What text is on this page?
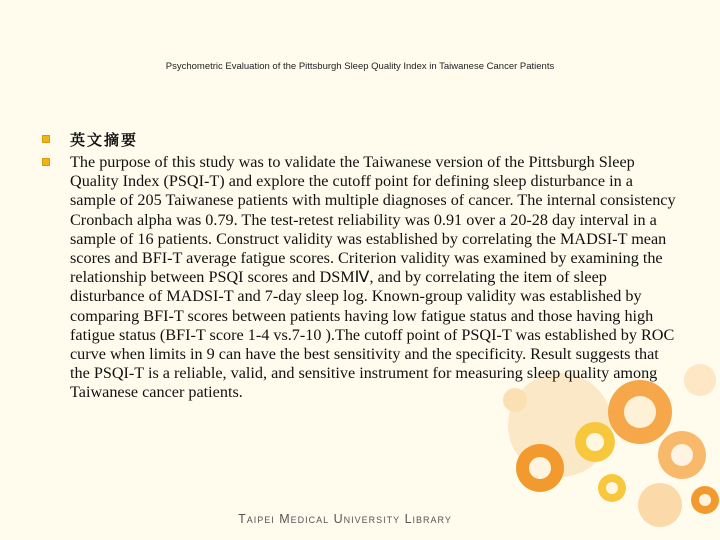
Psychometric Evaluation of the Pittsburgh Sleep Quality Index in Taiwanese Cancer Patients
英文摘要
The purpose of this study was to validate the Taiwanese version of the Pittsburgh Sleep Quality Index (PSQI-T) and explore the cutoff point for defining sleep disturbance in a sample of 205 Taiwanese patients with multiple diagnoses of cancer. The internal consistency Cronbach alpha was 0.79. The test-retest reliability was 0.91 over a 20-28 day interval in a sample of 16 patients. Construct validity was established by correlating the MADSI-T mean scores and BFI-T average fatigue scores. Criterion validity was examined by examining the relationship between PSQI scores and DSMⅣ, and by correlating the item of sleep disturbance of MADSI-T and 7-day sleep log. Known-group validity was established by comparing BFI-T scores between patients having low fatigue status and those having high fatigue status (BFI-T score 1-4 vs.7-10 ).The cutoff point of PSQI-T was established by ROC curve when limits in 9 can have the best sensitivity and the specificity. Result suggests that the PSQI-T is a reliable, valid, and sensitive instrument for measuring sleep quality among Taiwanese cancer patients.
Taipei Medical University Library
